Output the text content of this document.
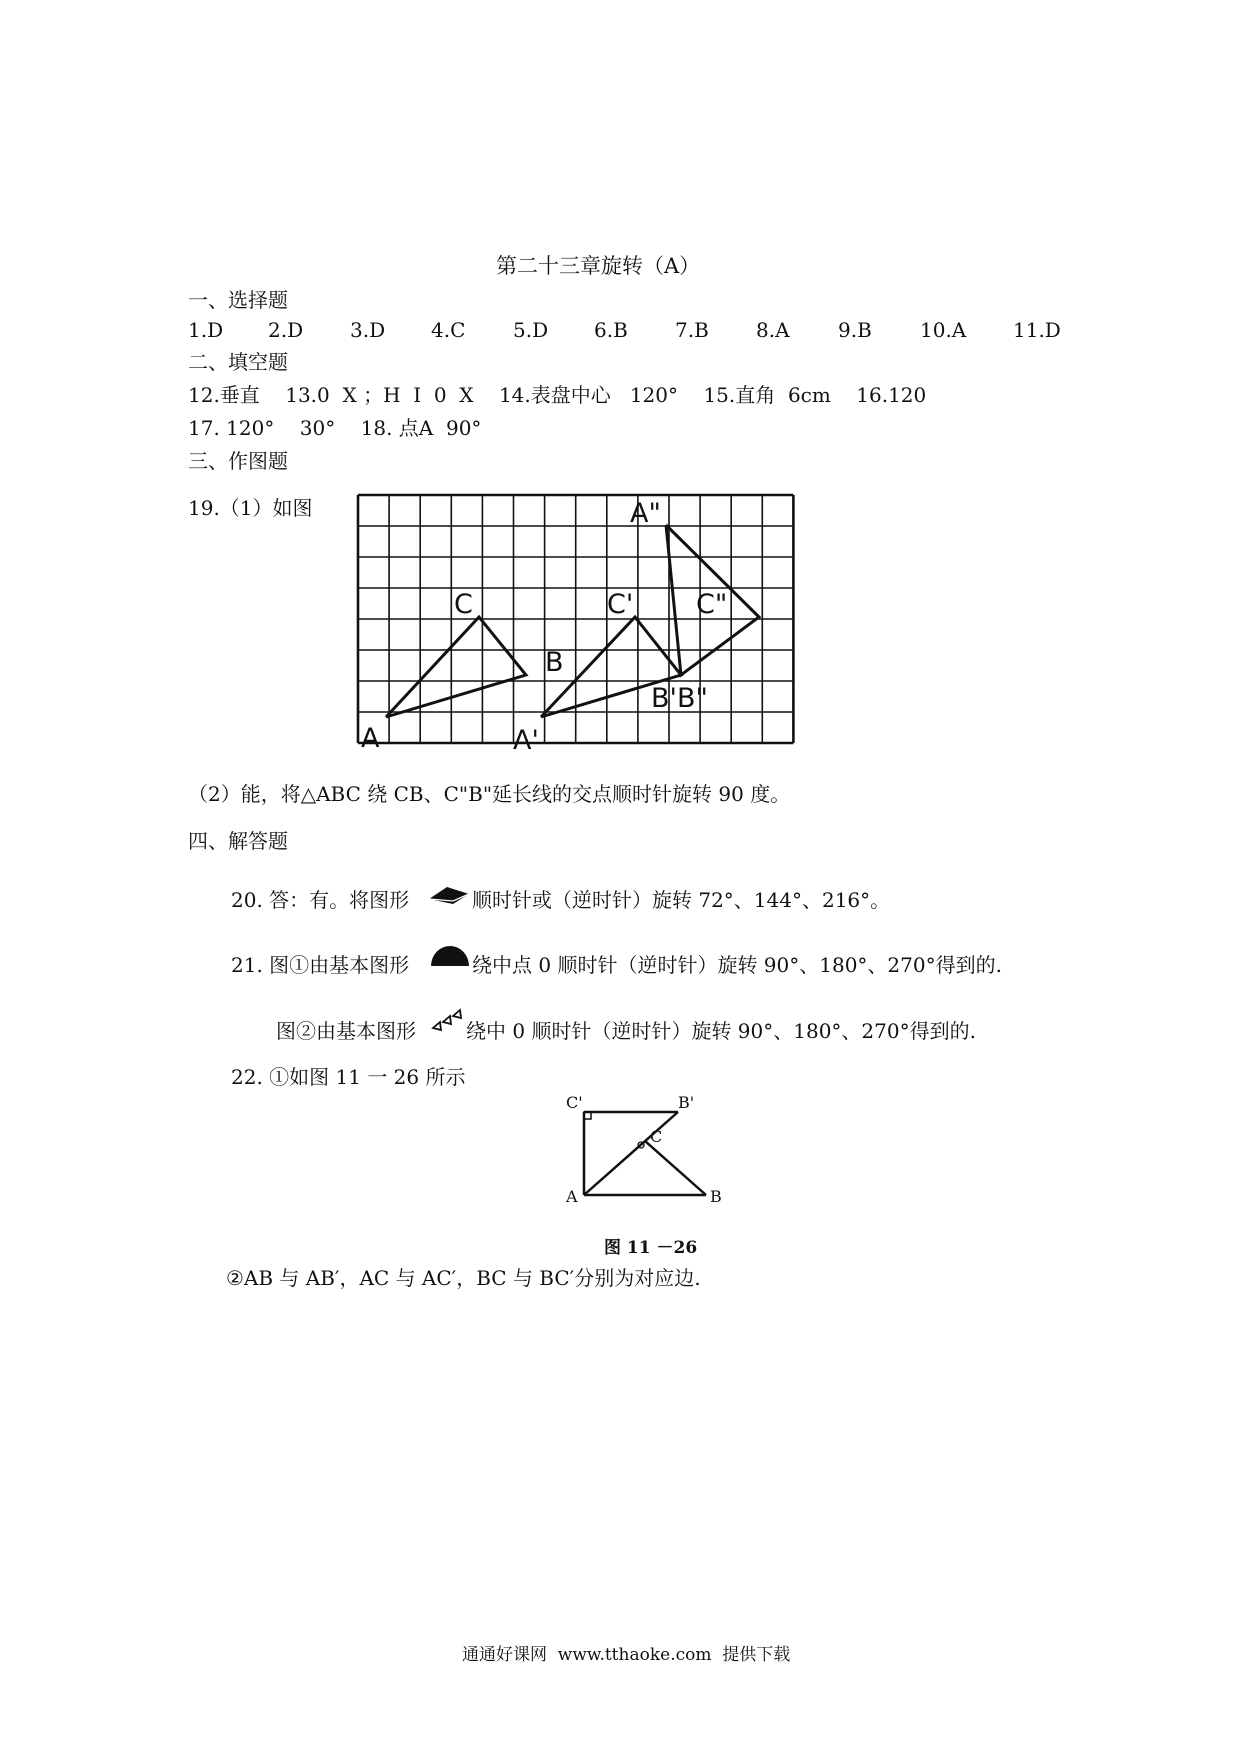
第二十三章旋转（A）
一、选择题
1.D 2.D 3.D 4.C 5.D 6.B 7.B 8.A 9.B 10.A 11.D
二、填空题
12.垂直    13.0  X ；H  I  0  X    14.表盘中心   120°    15.直角  6cm    16.120
17. 120°    30°    18. 点A  90°
三、作图题
19.（1）如图
A
C
B
A'
C' C"
A"
B'B"
（2）能，将△ABC 绕 CB、C"B"延长线的交点顺时针旋转 90 度。
四、解答题
20. 答：有。将图形	顺时针或（逆时针）旋转 72°、144°、216°。
21. 图①由基本图形	绕中点 0 顺时针（逆时针）旋转 90°、180°、270°得到的.
图②由基本图形	绕中 0 顺时针（逆时针）旋转 90°、180°、270°得到的.
22. ①如图 11 一 26 所示
C'	B'
C
A	B
图 11 －26
②AB 与 AB′，AC 与 AC′，BC 与 BC′分别为对应边.
通通好课网  www.tthaoke.com  提供下载
